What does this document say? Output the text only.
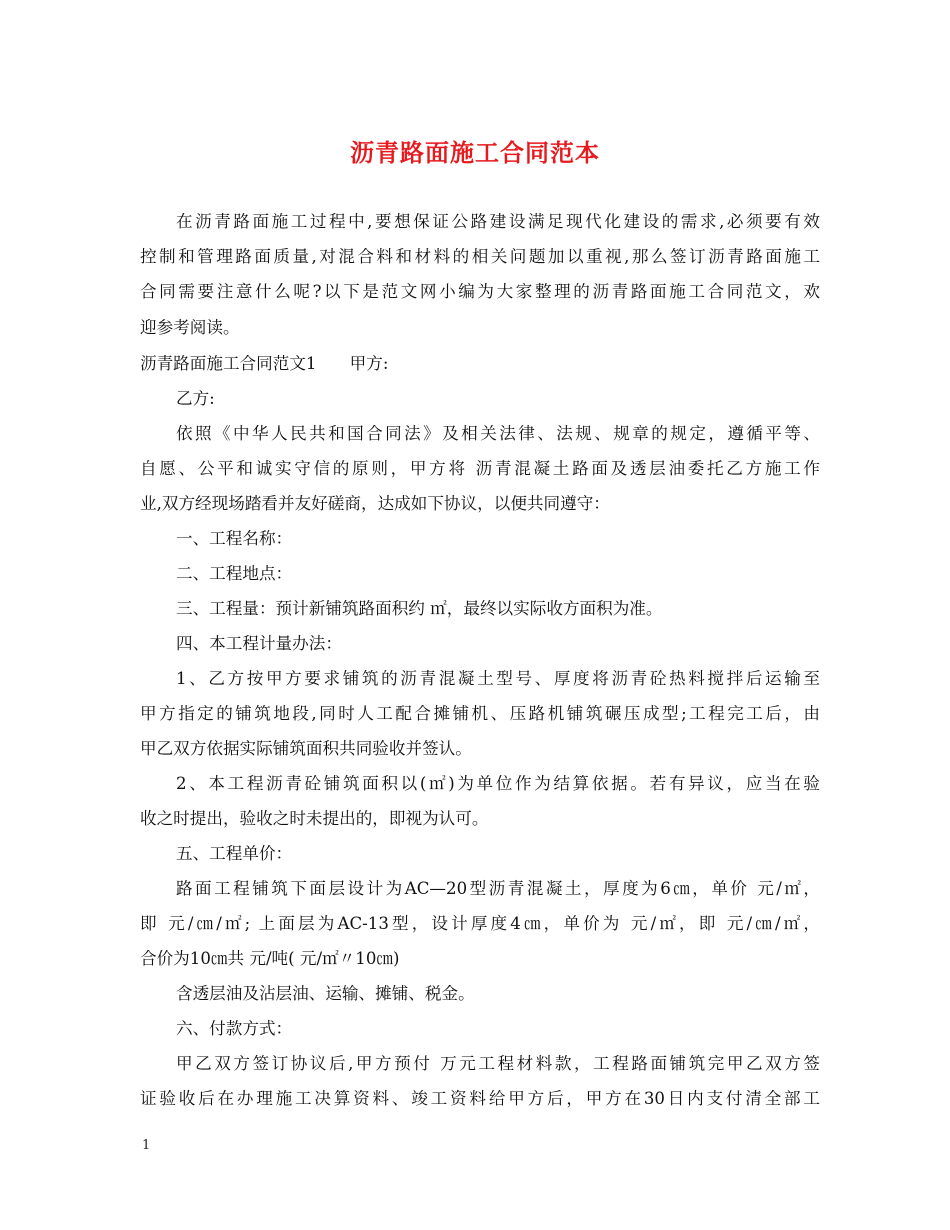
沥青路面施工合同范本
在沥青路面施工过程中,要想保证公路建设满足现代化建设的需求,必须要有效
控制和管理路面质量,对混合料和材料的相关问题加以重视,那么签订沥青路面施工
合同需要注意什么呢?以下是范文网小编为大家整理的沥青路面施工合同范文，欢
迎参考阅读。
沥青路面施工合同范文1　　甲方:
乙方:
依照《中华人民共和国合同法》及相关法律、法规、规章的规定，遵循平等、
自愿、公平和诚实守信的原则，甲方将 沥青混凝土路面及透层油委托乙方施工作
业,双方经现场踏看并友好磋商，达成如下协议，以便共同遵守：
一、工程名称：
二、工程地点：
三、工程量：预计新铺筑路面积约 ㎡，最终以实际收方面积为准。
四、本工程计量办法：
1、乙方按甲方要求铺筑的沥青混凝土型号、厚度将沥青砼热料搅拌后运输至
甲方指定的铺筑地段,同时人工配合摊铺机、压路机铺筑碾压成型;工程完工后，由
甲乙双方依据实际铺筑面积共同验收并签认。
2、本工程沥青砼铺筑面积以(㎡)为单位作为结算依据。若有异议，应当在验
收之时提出，验收之时未提出的，即视为认可。
五、工程单价：
路面工程铺筑下面层设计为AC—20型沥青混凝土，厚度为6㎝，单价 元/㎡，
即 元/㎝/㎡; 上面层为AC-13型，设计厚度4㎝，单价为 元/㎡，即 元/㎝/㎡，
合价为10㎝共 元/吨( 元/㎡〃10㎝)
含透层油及沾层油、运输、摊铺、税金。
六、付款方式：
甲乙双方签订协议后,甲方预付 万元工程材料款，工程路面铺筑完甲乙双方签
证验收后在办理施工决算资料、竣工资料给甲方后，甲方在30日内支付清全部工
1
